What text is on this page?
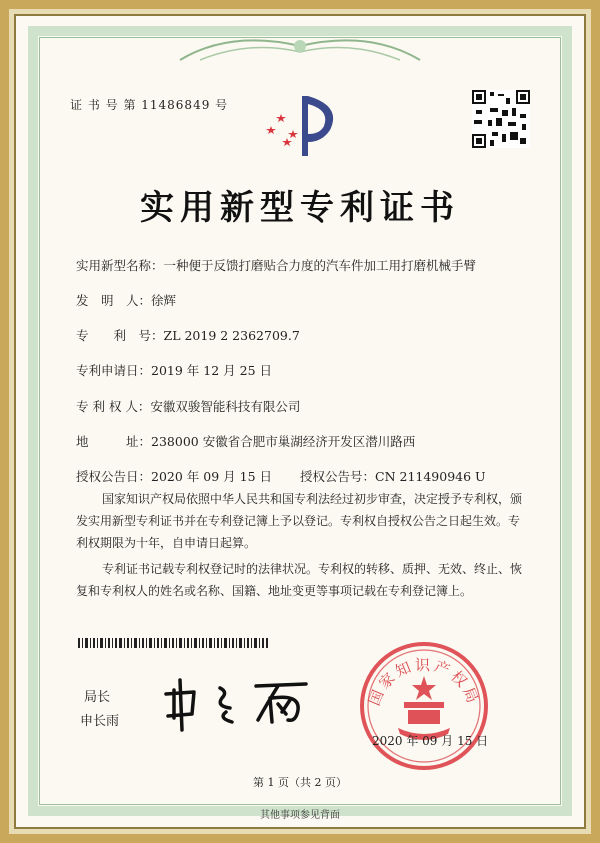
证 书 号 第 11486849 号
实用新型专利证书
实用新型名称：一种便于反馈打磨贴合力度的汽车件加工用打磨机械手臂
发　明　人：徐辉
专　　利　号：ZL 2019 2 2362709.7
专利申请日：2019 年 12 月 25 日
专 利 权 人：安徽双骏智能科技有限公司
地　　　址：238000 安徽省合肥市巢湖经济开发区潜川路西
授权公告日：2020 年 09 月 15 日 授权公告号：CN 211490946 U

国家知识产权局依照中华人民共和国专利法经过初步审查，决定授予专利权，颁发实用新型专利证书并在专利登记簿上予以登记。专利权自授权公告之日起生效。专利权期限为十年，自申请日起算。

专利证书记载专利权登记时的法律状况。专利权的转移、质押、无效、终止、恢复和专利权人的姓名或名称、国籍、地址变更等事项记载在专利登记簿上。

局长
申长雨
国家知识产权局
2020 年 09 月 15 日
第 1 页（共 2 页）
其他事项参见背面
